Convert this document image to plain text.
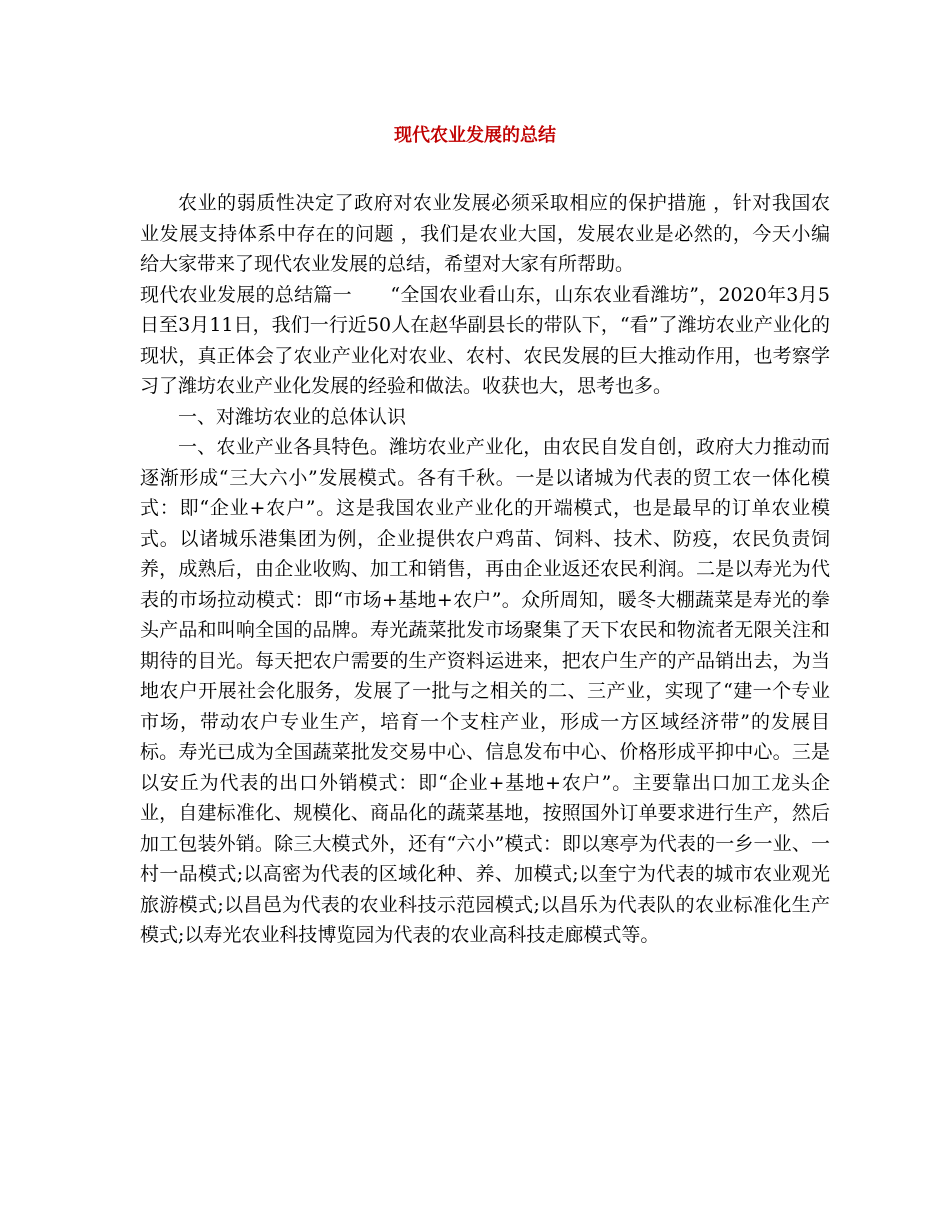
现代农业发展的总结

农业的弱质性决定了政府对农业发展必须采取相应的保护措施 ，针对我国农业发展支持体系中存在的问题 ，我们是农业大国，发展农业是必然的，今天小编给大家带来了现代农业发展的总结，希望对大家有所帮助。

现代农业发展的总结篇一　　“全国农业看山东，山东农业看潍坊”，2020年3月5日至3月11日，我们一行近50人在赵华副县长的带队下，“看”了潍坊农业产业化的现状，真正体会了农业产业化对农业、农村、农民发展的巨大推动作用，也考察学习了潍坊农业产业化发展的经验和做法。收获也大，思考也多。

一、对潍坊农业的总体认识

一、农业产业各具特色。潍坊农业产业化，由农民自发自创，政府大力推动而逐渐形成“三大六小”发展模式。各有千秋。一是以诸城为代表的贸工农一体化模式：即“企业+农户”。这是我国农业产业化的开端模式，也是最早的订单农业模式。以诸城乐港集团为例，企业提供农户鸡苗、饲料、技术、防疫，农民负责饲养，成熟后，由企业收购、加工和销售，再由企业返还农民利润。二是以寿光为代表的市场拉动模式：即“市场+基地+农户”。众所周知，暖冬大棚蔬菜是寿光的拳头产品和叫响全国的品牌。寿光蔬菜批发市场聚集了天下农民和物流者无限关注和期待的目光。每天把农户需要的生产资料运进来，把农户生产的产品销出去，为当地农户开展社会化服务，发展了一批与之相关的二、三产业，实现了“建一个专业市场，带动农户专业生产，培育一个支柱产业，形成一方区域经济带”的发展目标。寿光已成为全国蔬菜批发交易中心、信息发布中心、价格形成平抑中心。三是以安丘为代表的出口外销模式：即“企业+基地+农户”。主要靠出口加工龙头企业，自建标准化、规模化、商品化的蔬菜基地，按照国外订单要求进行生产，然后加工包装外销。除三大模式外，还有“六小”模式：即以寒亭为代表的一乡一业、一村一品模式;以高密为代表的区域化种、养、加模式;以奎宁为代表的城市农业观光旅游模式;以昌邑为代表的农业科技示范园模式;以昌乐为代表队的农业标准化生产模式;以寿光农业科技博览园为代表的农业高科技走廊模式等。
